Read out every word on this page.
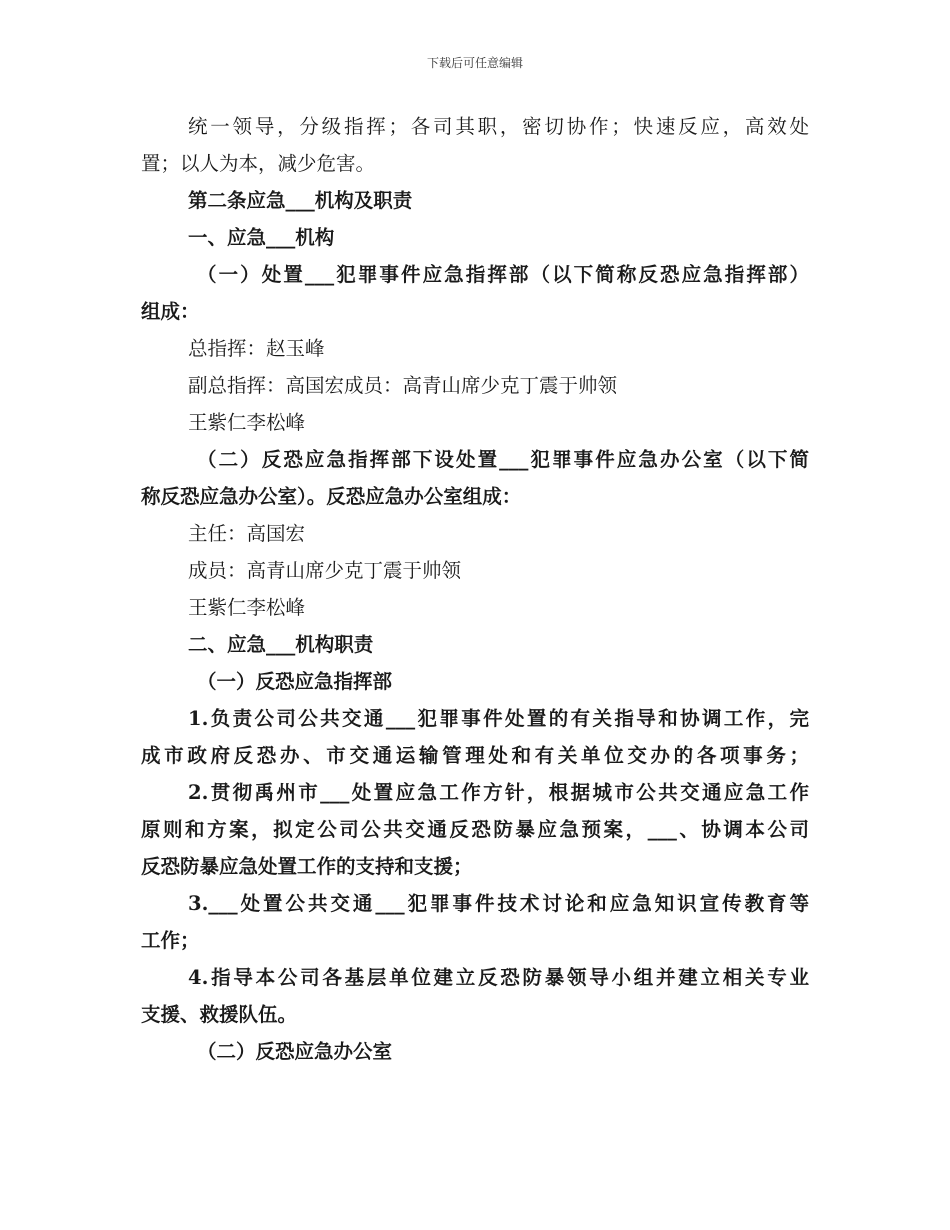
下载后可任意编辑
统一领导，分级指挥；各司其职，密切协作；快速反应，高效处
置；以人为本，减少危害。
第二条应急___机构及职责
一、应急___机构
（一）处置___犯罪事件应急指挥部（以下简称反恐应急指挥部）
组成：
总指挥：赵玉峰
副总指挥：高国宏成员：高青山席少克丁震于帅领
王紫仁李松峰
（二）反恐应急指挥部下设处置___犯罪事件应急办公室（以下简
称反恐应急办公室）。反恐应急办公室组成：
主任：高国宏
成员：高青山席少克丁震于帅领
王紫仁李松峰
二、应急___机构职责
（一）反恐应急指挥部
1.负责公司公共交通___犯罪事件处置的有关指导和协调工作，完
成市政府反恐办、市交通运输管理处和有关单位交办的各项事务；
2.贯彻禹州市___处置应急工作方针，根据城市公共交通应急工作
原则和方案，拟定公司公共交通反恐防暴应急预案，___、协调本公司
反恐防暴应急处置工作的支持和支援；
3.___处置公共交通___犯罪事件技术讨论和应急知识宣传教育等
工作；
4.指导本公司各基层单位建立反恐防暴领导小组并建立相关专业
支援、救援队伍。
（二）反恐应急办公室
